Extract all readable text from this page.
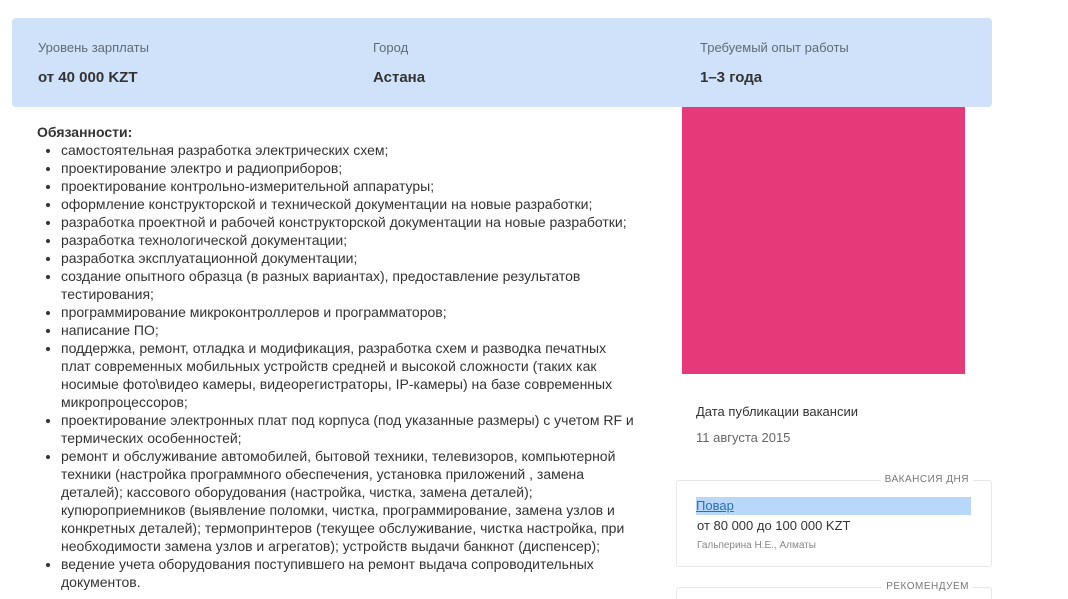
Уровень зарплаты
от 40 000 KZT
Город
Астана
Требуемый опыт работы
1–3 года
Обязанности:
• самостоятельная разработка электрических схем;
• проектирование электро и радиоприборов;
• проектирование контрольно-измерительной аппаратуры;
• оформление конструкторской и технической документации на новые разработки;
• разработка проектной и рабочей конструкторской документации на новые разработки;
• разработка технологической документации;
• разработка эксплуатационной документации;
• создание опытного образца (в разных вариантах), предоставление результатов тестирования;
• программирование микроконтроллеров и программаторов;
• написание ПО;
• поддержка, ремонт, отладка и модификация, разработка схем и разводка печатных плат современных мобильных устройств средней и высокой сложности (таких как носимые фото\видео камеры, видеорегистраторы, IP-камеры) на базе современных микропроцессоров;
• проектирование электронных плат под корпуса (под указанные размеры) с учетом RF и термических особенностей;
• ремонт и обслуживание автомобилей, бытовой техники, телевизоров, компьютерной техники (настройка программного обеспечения, установка приложений , замена деталей); кассового оборудования (настройка, чистка, замена деталей); купюроприемников (выявление поломки, чистка, программирование, замена узлов и конкретных деталей); термопринтеров (текущее обслуживание, чистка настройка, при необходимости замена узлов и агрегатов); устройств выдачи банкнот (диспенсер);
• ведение учета оборудования поступившего на ремонт выдача сопроводительных документов.
Дата публикации вакансии
11 августа 2015
ВАКАНСИЯ ДНЯ
Повар
от 80 000 до 100 000 KZT
Гальперина Н.Е., Алматы
РЕКОМЕНДУЕМ
